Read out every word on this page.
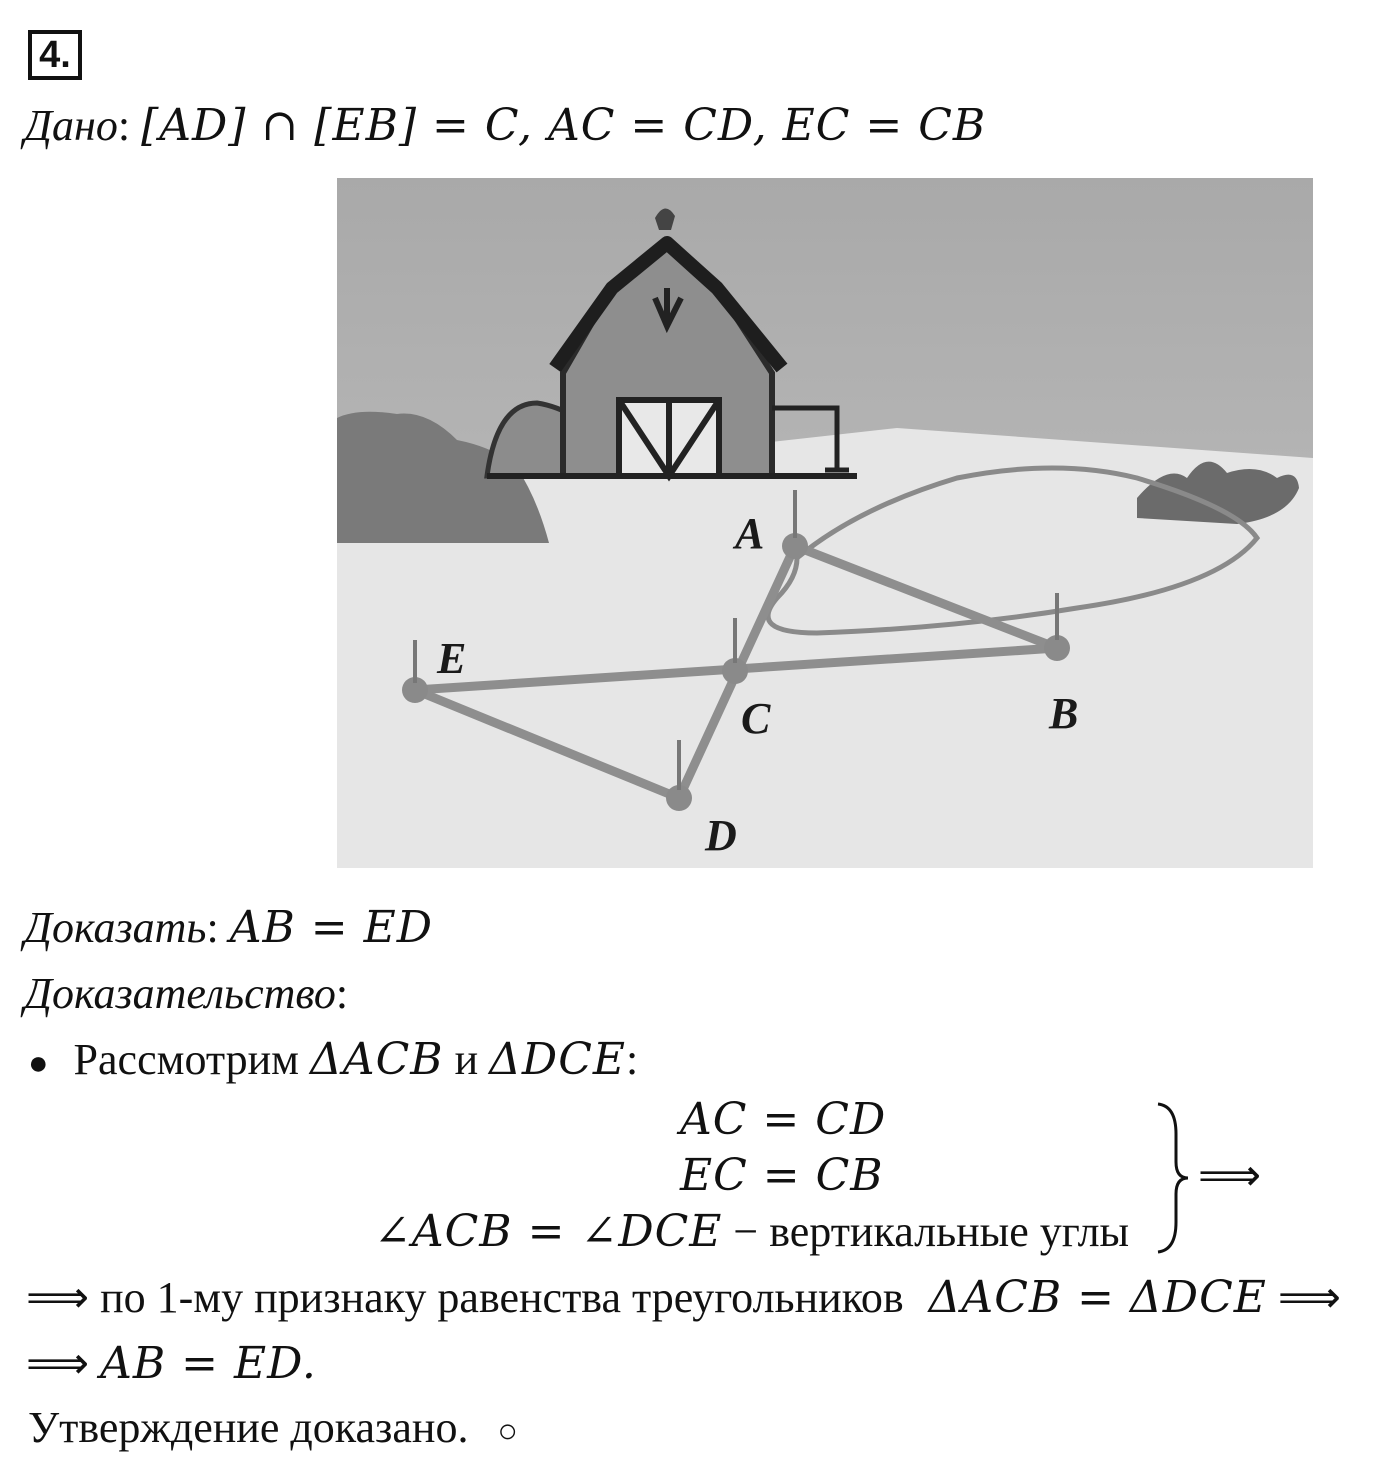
4.
Дано: [AD] ∩ [EB] = C, AC = CD, EC = CB
A
B
C
D
E
Доказать: AB = ED
Доказательство:
● Рассмотрим ΔACB и ΔDCE:
AC = CD
EC = CB
∠ACB = ∠DCE − вертикальные углы
⟹
⟹ по 1-му признаку равенства треугольников ΔACB = ΔDCE ⟹
⟹ AB = ED.
Утверждение доказано. ○
